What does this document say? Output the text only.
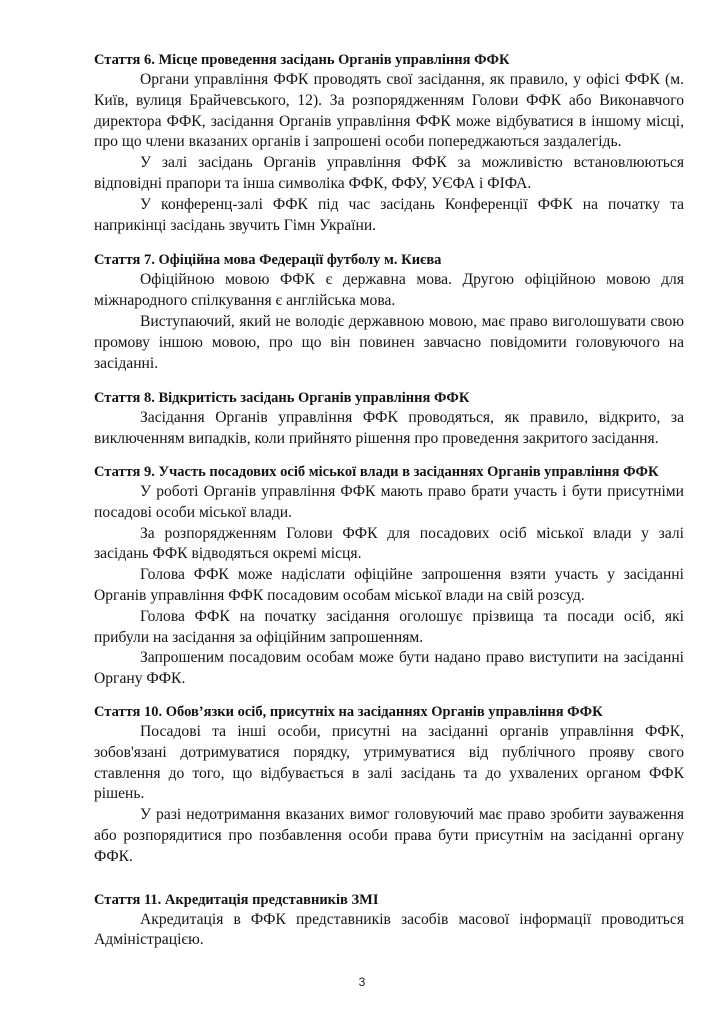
Стаття 6. Місце проведення засідань Органів управління ФФК

Органи управління ФФК проводять свої засідання, як правило, у офісі ФФК (м. Київ, вулиця Брайчевського, 12). За розпорядженням Голови ФФК або Виконавчого директора ФФК, засідання Органів управління ФФК може відбуватися в іншому місці, про що члени вказаних органів і запрошені особи попереджаються заздалегідь.

У залі засідань Органів управління ФФК за можливістю встановлюються відповідні прапори та інша символіка ФФК, ФФУ, УЄФА і ФІФА.

У конференц-залі ФФК під час засідань Конференції ФФК на початку та наприкінці засідань звучить Гімн України.

Стаття 7. Офіційна мова Федерації футболу м. Києва

Офіційною мовою ФФК є державна мова. Другою офіційною мовою для міжнародного спілкування є англійська мова.

Виступаючий, який не володіє державною мовою, має право виголошувати свою промову іншою мовою, про що він повинен завчасно повідомити головуючого на засіданні.

Стаття 8. Відкритість засідань Органів управління ФФК

Засідання Органів управління ФФК проводяться, як правило, відкрито, за виключенням випадків, коли прийнято рішення про проведення закритого засідання.

Стаття 9. Участь посадових осіб міської влади в засіданнях Органів управління ФФК

У роботі Органів управління ФФК мають право брати участь і бути присутніми посадові особи міської влади.

За розпорядженням Голови ФФК для посадових осіб міської влади у залі засідань ФФК відводяться окремі місця.

Голова ФФК може надіслати офіційне запрошення взяти участь у засіданні Органів управління ФФК посадовим особам міської влади на свій розсуд.

Голова ФФК на початку засідання оголошує прізвища та посади осіб, які прибули на засідання за офіційним запрошенням.

Запрошеним посадовим особам може бути надано право виступити на засіданні Органу ФФК.

Стаття 10. Обов’язки осіб, присутніх на засіданнях Органів управління ФФК

Посадові та інші особи, присутні на засіданні органів управління ФФК, зобов'язані дотримуватися порядку, утримуватися від публічного прояву свого ставлення до того, що відбувається в залі засідань та до ухвалених органом ФФК рішень.

У разі недотримання вказаних вимог головуючий має право зробити зауваження або розпорядитися про позбавлення особи права бути присутнім на засіданні органу ФФК.

Стаття 11. Акредитація представників ЗМІ

Акредитація в ФФК представників засобів масової інформації проводиться Адміністрацією.

3
